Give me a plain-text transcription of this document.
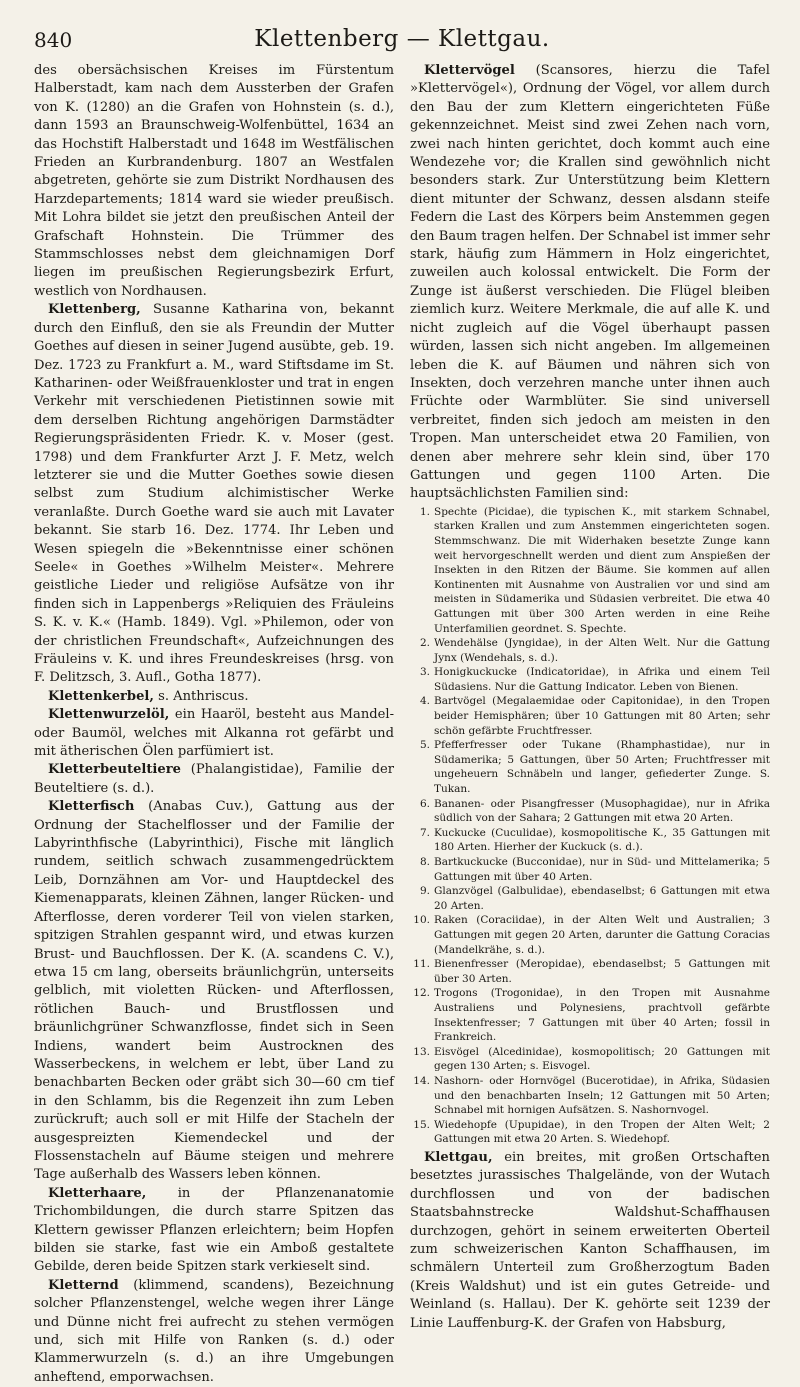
840	Klettenberg — Klettgau.

des obersächsischen Kreises im Fürstentum Halberstadt, kam nach dem Aussterben der Grafen von K. (1280) an die Grafen von Hohnstein (s. d.), dann 1593 an Braunschweig-Wolfenbüttel, 1634 an das Hochstift Halberstadt und 1648 im Westfälischen Frieden an Kurbrandenburg. 1807 an Westfalen abgetreten, gehörte sie zum Distrikt Nordhausen des Harzdepartements; 1814 ward sie wieder preußisch. Mit Lohra bildet sie jetzt den preußischen Anteil der Grafschaft Hohnstein. Die Trümmer des Stammschlosses nebst dem gleichnamigen Dorf liegen im preußischen Regierungsbezirk Erfurt, westlich von Nordhausen.

Klettenberg, Susanne Katharina von, bekannt durch den Einfluß, den sie als Freundin der Mutter Goethes auf diesen in seiner Jugend ausübte, geb. 19. Dez. 1723 zu Frankfurt a. M., ward Stiftsdame im St. Katharinen- oder Weißfrauenkloster und trat in engen Verkehr mit verschiedenen Pietistinnen sowie mit dem derselben Richtung angehörigen Darmstädter Regierungspräsidenten Friedr. K. v. Moser (gest. 1798) und dem Frankfurter Arzt J. F. Metz, welch letzterer sie und die Mutter Goethes sowie diesen selbst zum Studium alchimistischer Werke veranlaßte. Durch Goethe ward sie auch mit Lavater bekannt. Sie starb 16. Dez. 1774. Ihr Leben und Wesen spiegeln die »Bekenntnisse einer schönen Seele« in Goethes »Wilhelm Meister«. Mehrere geistliche Lieder und religiöse Aufsätze von ihr finden sich in Lappenbergs »Reliquien des Fräuleins S. K. v. K.« (Hamb. 1849). Vgl. »Philemon, oder von der christlichen Freundschaft«, Aufzeichnungen des Fräuleins v. K. und ihres Freundeskreises (hrsg. von F. Delitzsch, 3. Aufl., Gotha 1877).

Klettenkerbel, s. Anthriscus.

Klettenwurzelöl, ein Haaröl, besteht aus Mandel- oder Baumöl, welches mit Alkanna rot gefärbt und mit ätherischen Ölen parfümiert ist.

Kletterbeuteltiere (Phalangistidae), Familie der Beuteltiere (s. d.).

Kletterfisch (Anabas Cuv.), Gattung aus der Ordnung der Stachelflosser und der Familie der Labyrinthfische (Labyrinthici), Fische mit länglich rundem, seitlich schwach zusammengedrücktem Leib, Dornzähnen am Vor- und Hauptdeckel des Kiemenapparats, kleinen Zähnen, langer Rücken- und Afterflosse, deren vorderer Teil von vielen starken, spitzigen Strahlen gespannt wird, und etwas kurzen Brust- und Bauchflossen. Der K. (A. scandens C. V.), etwa 15 cm lang, oberseits bräunlichgrün, unterseits gelblich, mit violetten Rücken- und Afterflossen, rötlichen Bauch- und Brustflossen und bräunlichgrüner Schwanzflosse, findet sich in Seen Indiens, wandert beim Austrocknen des Wasserbeckens, in welchem er lebt, über Land zu benachbarten Becken oder gräbt sich 30—60 cm tief in den Schlamm, bis die Regenzeit ihn zum Leben zurückruft; auch soll er mit Hilfe der Stacheln der ausgespreizten Kiemendeckel und der Flossenstacheln auf Bäume steigen und mehrere Tage außerhalb des Wassers leben können.

Kletterhaare, in der Pflanzenanatomie Trichombildungen, die durch starre Spitzen das Klettern gewisser Pflanzen erleichtern; beim Hopfen bilden sie starke, fast wie ein Amboß gestaltete Gebilde, deren beide Spitzen stark verkieselt sind.

Kletternd (klimmend, scandens), Bezeichnung solcher Pflanzenstengel, welche wegen ihrer Länge und Dünne nicht frei aufrecht zu stehen vermögen und, sich mit Hilfe von Ranken (s. d.) oder Klammerwurzeln (s. d.) an ihre Umgebungen anheftend, emporwachsen.

Klettervögel (Scansores, hierzu die Tafel »Klettervögel«), Ordnung der Vögel, vor allem durch den Bau der zum Klettern eingerichteten Füße gekennzeichnet. Meist sind zwei Zehen nach vorn, zwei nach hinten gerichtet, doch kommt auch eine Wendezehe vor; die Krallen sind gewöhnlich nicht besonders stark. Zur Unterstützung beim Klettern dient mitunter der Schwanz, dessen alsdann steife Federn die Last des Körpers beim Anstemmen gegen den Baum tragen helfen. Der Schnabel ist immer sehr stark, häufig zum Hämmern in Holz eingerichtet, zuweilen auch kolossal entwickelt. Die Form der Zunge ist äußerst verschieden. Die Flügel bleiben ziemlich kurz. Weitere Merkmale, die auf alle K. und nicht zugleich auf die Vögel überhaupt passen würden, lassen sich nicht angeben. Im allgemeinen leben die K. auf Bäumen und nähren sich von Insekten, doch verzehren manche unter ihnen auch Früchte oder Warmblüter. Sie sind universell verbreitet, finden sich jedoch am meisten in den Tropen. Man unterscheidet etwa 20 Familien, von denen aber mehrere sehr klein sind, über 170 Gattungen und gegen 1100 Arten. Die hauptsächlichsten Familien sind:

1. Spechte (Picidae), die typischen K., mit starkem Schnabel, starken Krallen und zum Anstemmen eingerichteten sogen. Stemmschwanz. Die mit Widerhaken besetzte Zunge kann weit hervorgeschnellt werden und dient zum Anspießen der Insekten in den Ritzen der Bäume. Sie kommen auf allen Kontinenten mit Ausnahme von Australien vor und sind am meisten in Südamerika und Südasien verbreitet. Die etwa 40 Gattungen mit über 300 Arten werden in eine Reihe Unterfamilien geordnet. S. Spechte.
2. Wendehälse (Jyngidae), in der Alten Welt. Nur die Gattung Jynx (Wendehals, s. d.).
3. Honigkuckucke (Indicatoridae), in Afrika und einem Teil Südasiens. Nur die Gattung Indicator. Leben von Bienen.
4. Bartvögel (Megalaemidae oder Capitonidae), in den Tropen beider Hemisphären; über 10 Gattungen mit 80 Arten; sehr schön gefärbte Fruchtfresser.
5. Pfefferfresser oder Tukane (Rhamphastidae), nur in Südamerika; 5 Gattungen, über 50 Arten; Fruchtfresser mit ungeheuern Schnäbeln und langer, gefiederter Zunge. S. Tukan.
6. Bananen- oder Pisangfresser (Musophagidae), nur in Afrika südlich von der Sahara; 2 Gattungen mit etwa 20 Arten.
7. Kuckucke (Cuculidae), kosmopolitische K., 35 Gattungen mit 180 Arten. Hierher der Kuckuck (s. d.).
8. Bartkuckucke (Bucconidae), nur in Süd- und Mittelamerika; 5 Gattungen mit über 40 Arten.
9. Glanzvögel (Galbulidae), ebendaselbst; 6 Gattungen mit etwa 20 Arten.
10. Raken (Coraciidae), in der Alten Welt und Australien; 3 Gattungen mit gegen 20 Arten, darunter die Gattung Coracias (Mandelkrähe, s. d.).
11. Bienenfresser (Meropidae), ebendaselbst; 5 Gattungen mit über 30 Arten.
12. Trogons (Trogonidae), in den Tropen mit Ausnahme Australiens und Polynesiens, prachtvoll gefärbte Insektenfresser; 7 Gattungen mit über 40 Arten; fossil in Frankreich.
13. Eisvögel (Alcedinidae), kosmopolitisch; 20 Gattungen mit gegen 130 Arten; s. Eisvogel.
14. Nashorn- oder Hornvögel (Bucerotidae), in Afrika, Südasien und den benachbarten Inseln; 12 Gattungen mit 50 Arten; Schnabel mit hornigen Aufsätzen. S. Nashornvogel.
15. Wiedehopfe (Upupidae), in den Tropen der Alten Welt; 2 Gattungen mit etwa 20 Arten. S. Wiedehopf.

Klettgau, ein breites, mit großen Ortschaften besetztes jurassisches Thalgelände, von der Wutach durchflossen und von der badischen Staatsbahnstrecke Waldshut-Schaffhausen durchzogen, gehört in seinem erweiterten Oberteil zum schweizerischen Kanton Schaffhausen, im schmälern Unterteil zum Großherzogtum Baden (Kreis Waldshut) und ist ein gutes Getreide- und Weinland (s. Hallau). Der K. gehörte seit 1239 der Linie Lauffenburg-K. der Grafen von Habsburg,
